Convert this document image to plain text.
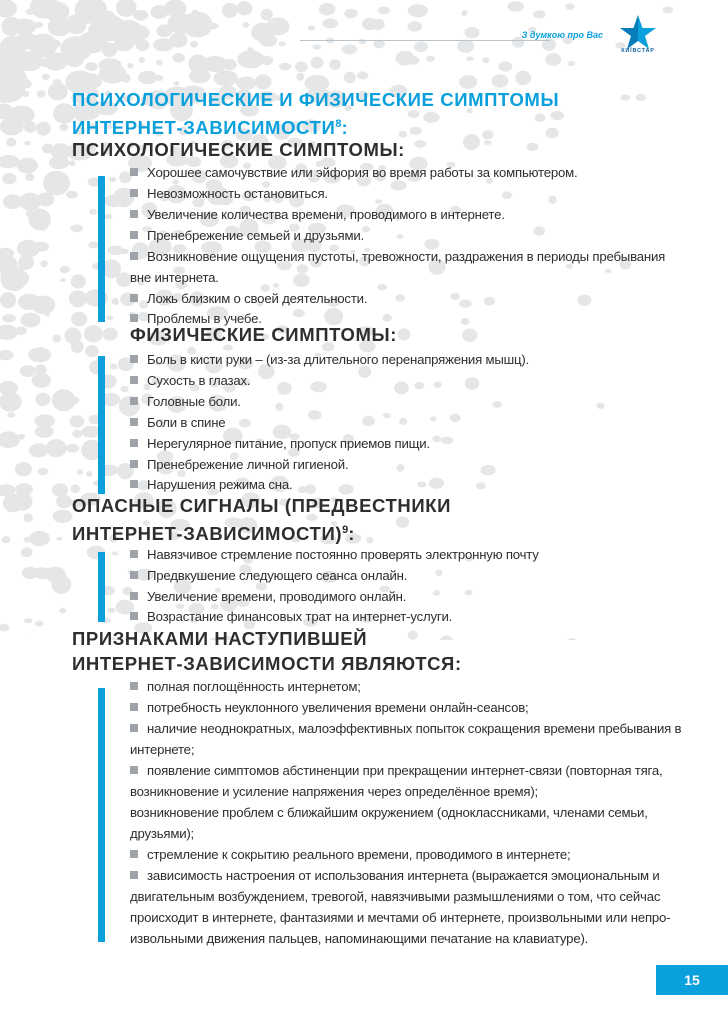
З думкою про Вас
КИЇВСТАР
ПСИХОЛОГИЧЕСКИЕ И ФИЗИЧЕСКИЕ СИМПТОМЫ
ИНТЕРНЕТ-ЗАВИСИМОСТИ$^8$:
ПСИХОЛОГИЧЕСКИЕ СИМПТОМЫ:
Хорошее самочувствие или эйфория во время работы за компьютером.
Невозможность остановиться.
Увеличение количества времени, проводимого в интернете.
Пренебрежение семьей и друзьями.
Возникновение ощущения пустоты, тревожности, раздражения в периоды пребывания
вне интернета.
Ложь близким о своей деятельности.
Проблемы в учебе.
ФИЗИЧЕСКИЕ СИМПТОМЫ:
Боль в кисти руки – (из-за длительного перенапряжения мышц).
Сухость в глазах.
Головные боли.
Боли в спине
Нерегулярное питание, пропуск приемов пищи.
Пренебрежение личной гигиеной.
Нарушения режима сна.
ОПАСНЫЕ СИГНАЛЫ (ПРЕДВЕСТНИКИ
ИНТЕРНЕТ-ЗАВИСИМОСТИ)$^9$:
Навязчивое стремление постоянно проверять электронную почту
Предвкушение следующего сеанса онлайн.
Увеличение времени, проводимого онлайн.
Возрастание финансовых трат на интернет-услуги.
ПРИЗНАКАМИ НАСТУПИВШЕЙ
ИНТЕРНЕТ-ЗАВИСИМОСТИ ЯВЛЯЮТСЯ:
полная поглощённость интернетом;
потребность неуклонного увеличения времени онлайн-сеансов;
наличие неоднократных, малоэффективных попыток сокращения времени пребывания в
интернете;
появление симптомов абстиненции при прекращении интернет-связи (повторная тяга,
возникновение и усиление напряжения через определённое время);
возникновение проблем с ближайшим окружением (одноклассниками, членами семьи,
друзьями);
стремление к сокрытию реального времени, проводимого в интернете;
зависимость настроения от использования интернета (выражается эмоциональным и
двигательным возбуждением, тревогой, навязчивыми размышлениями о том, что сейчас
происходит в интернете, фантазиями и мечтами об интернете, произвольными или непро-
извольными движения пальцев, напоминающими печатание на клавиатуре).
15
